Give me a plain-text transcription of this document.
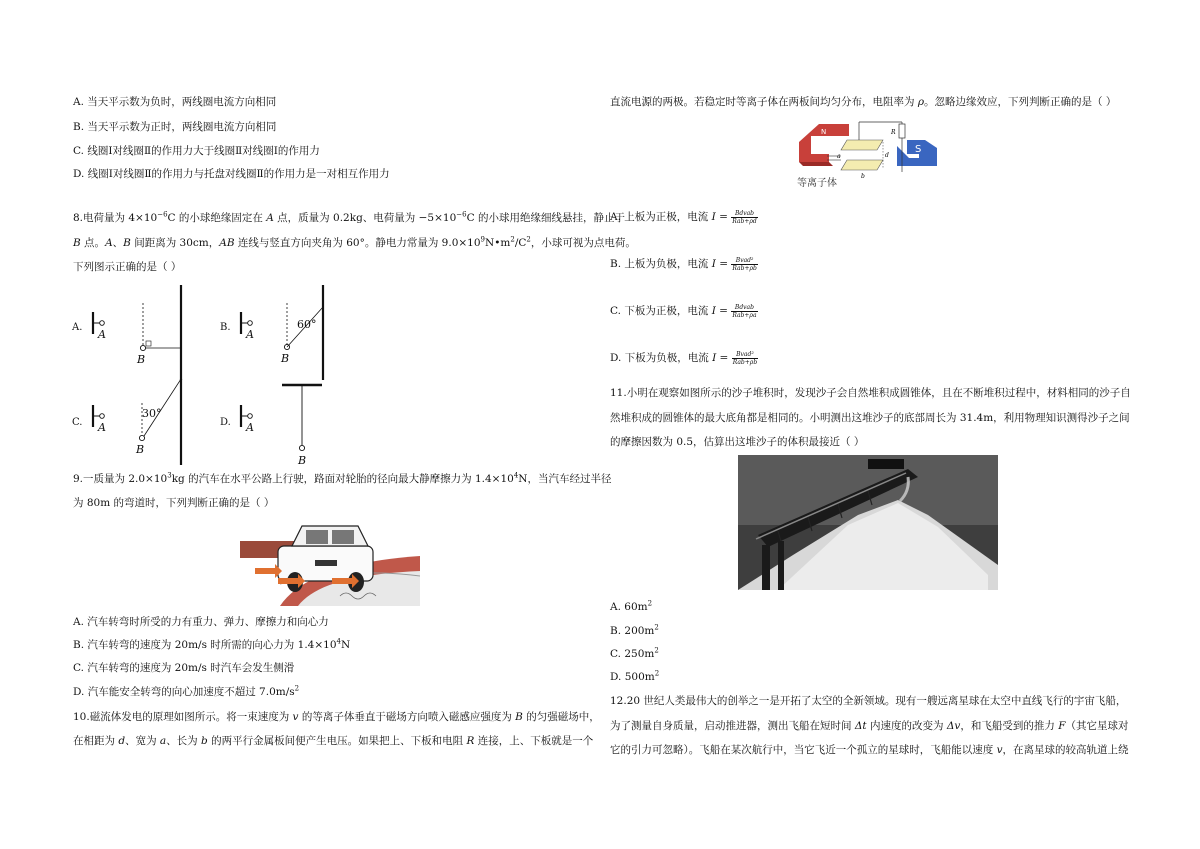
A. 当天平示数为负时，两线圈电流方向相同
B. 当天平示数为正时，两线圈电流方向相同
C. 线圈Ⅰ对线圈Ⅱ的作用力大于线圈Ⅱ对线圈Ⅰ的作用力
D. 线圈Ⅰ对线圈Ⅱ的作用力与托盘对线圈Ⅱ的作用力是一对相互作用力
8.电荷量为 $4\times 10^{-6}C$ 的小球绝缘固定在 A 点，质量为 0.2kg、电荷量为 $-5\times 10^{-6}C$ 的小球用绝缘细线悬挂，静止于
B 点。A、B 间距离为 30cm，AB 连线与竖直方向夹角为 60°。静电力常量为 $9.0\times 10^9N•m^2/C^2$，小球可视为点电荷。
下列图示正确的是（ ）
A.
A
B
B.
A
60°
B
C. A
30°
B
D. A
B
9.一质量为 $2.0\times 10^3kg$ 的汽车在水平公路上行驶，路面对轮胎的径向最大静摩擦力为 $1.4\times 10^4N$，当汽车经过半径
为 80m 的弯道时，下列判断正确的是（ ）
A. 汽车转弯时所受的力有重力、弹力、摩擦力和向心力
B. 汽车转弯的速度为 20m/s 时所需的向心力为 $1.4\times 10^4N$
C. 汽车转弯的速度为 20m/s 时汽车会发生侧滑
D. 汽车能安全转弯的向心加速度不超过 $7.0m/s^2$
10.磁流体发电的原理如图所示。将一束速度为 v 的等离子体垂直于磁场方向喷入磁感应强度为 B 的匀强磁场中，
在相距为 d、宽为 a、长为 b 的两平行金属板间便产生电压。如果把上、下板和电阻 R 连接，上、下板就是一个
直流电源的两极。若稳定时等离子体在两板间均匀分布，电阻率为 ρ。忽略边缘效应，下列判断正确的是（ ）
N
S
R
d
b
a
等离子体
A. 上板为正极，电流 $I = \frac{\text{Bdvab}}{\text{Rab+ρd}}$
B. 上板为负极，电流 $I = \frac{\text{Bvad²}}{\text{Rab+ρb}}$
C. 下板为正极，电流 $I = \frac{\text{Bdvab}}{\text{Rab+ρa}}$
D. 下板为负极，电流 $I = \frac{\text{Bvad²}}{\text{Rab+ρb}}$
11.小明在观察如图所示的沙子堆积时，发现沙子会自然堆积成圆锥体，且在不断堆积过程中，材料相同的沙子自
然堆积成的圆锥体的最大底角都是相同的。小明测出这堆沙子的底部周长为 31.4m，利用物理知识测得沙子之间
的摩擦因数为 0.5，估算出这堆沙子的体积最接近（ ）
A. $60m^2$
B. $200m^2$
C. $250m^2$
D. $500m^2$
12.20 世纪人类最伟大的创举之一是开拓了太空的全新领域。现有一艘远离星球在太空中直线飞行的宇宙飞船，
为了测量自身质量，启动推进器，测出飞船在短时间 Δt 内速度的改变为 Δv，和飞船受到的推力 F（其它星球对
它的引力可忽略）。飞船在某次航行中，当它飞近一个孤立的星球时，飞船能以速度 v，在离星球的较高轨道上绕
